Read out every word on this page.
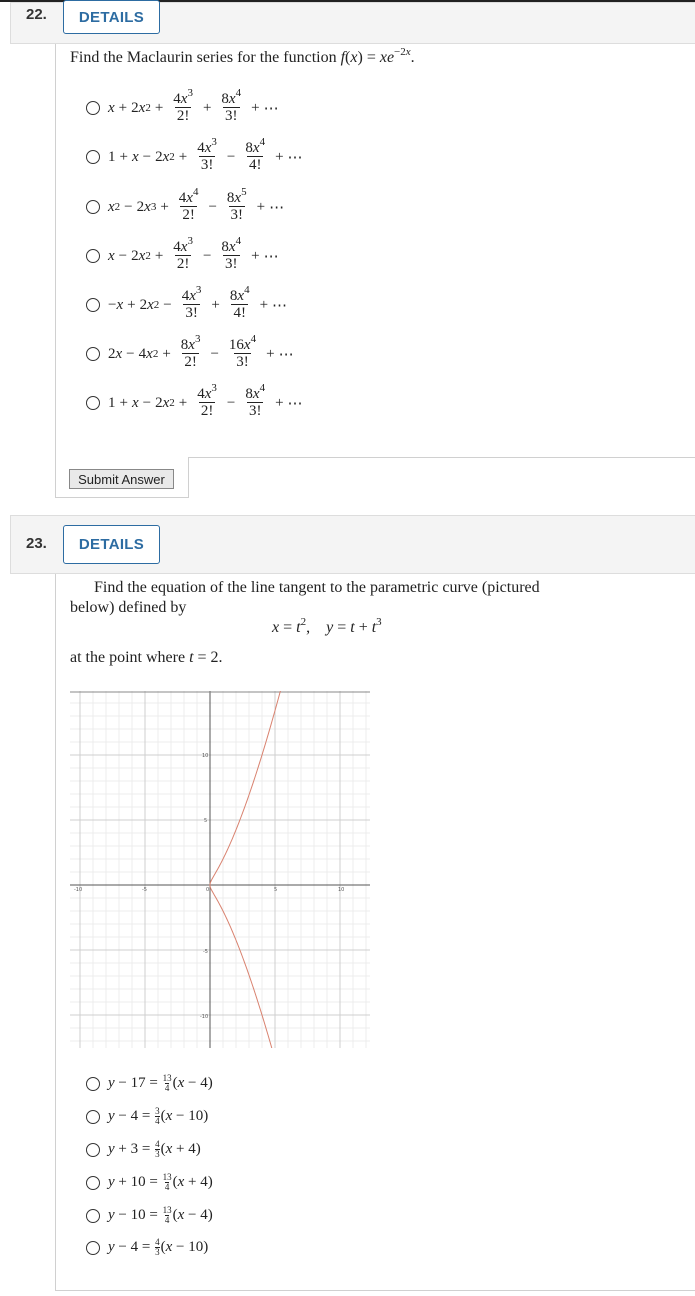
22.	DETAILS
Find the Maclaurin series for the function $f(x) = xe^{-2x}$.
x + 2 x $2 + \frac{4x^3}{2!} + \frac{8x^4}{3!}$ + ⋯
1 + x − 2 x $2 + \frac{4x^3}{3!} - \frac{8x^4}{4!}$ + ⋯
x 2 − 2 x $3 + \frac{4x^4}{2!} - \frac{8x^5}{3!}$ + ⋯
x − 2 x $2 + \frac{4x^3}{2!} - \frac{8x^4}{3!}$ + ⋯
− x + 2 x $2 - \frac{4x^3}{3!} + \frac{8x^4}{4!}$ + ⋯
2 x − 4 x $2 + \frac{8x^3}{2!} - \frac{16x^4}{3!}$ + ⋯
1 + x − 2 x $2 + \frac{4x^3}{2!} - \frac{8x^4}{3!}$ + ⋯
Submit Answer
23.	DETAILS
Find the equation of the line tangent to the parametric curve (pictured
below) defined by
$x = t^2$,    $y = t + t^3$
at the point where t = 2.
-10	-5	5	10
10
5
-5
-10
0
$y - 17 = \frac{13}{4} (x - 4)$
$y - 4 = \frac{3}{4} (x - 10)$
$y + 3 = \frac{4}{3} (x + 4)$
$y + 10 = \frac{13}{4} (x + 4)$
$y - 10 = \frac{13}{4} (x - 4)$
$y - 4 = \frac{4}{3} (x - 10)$
